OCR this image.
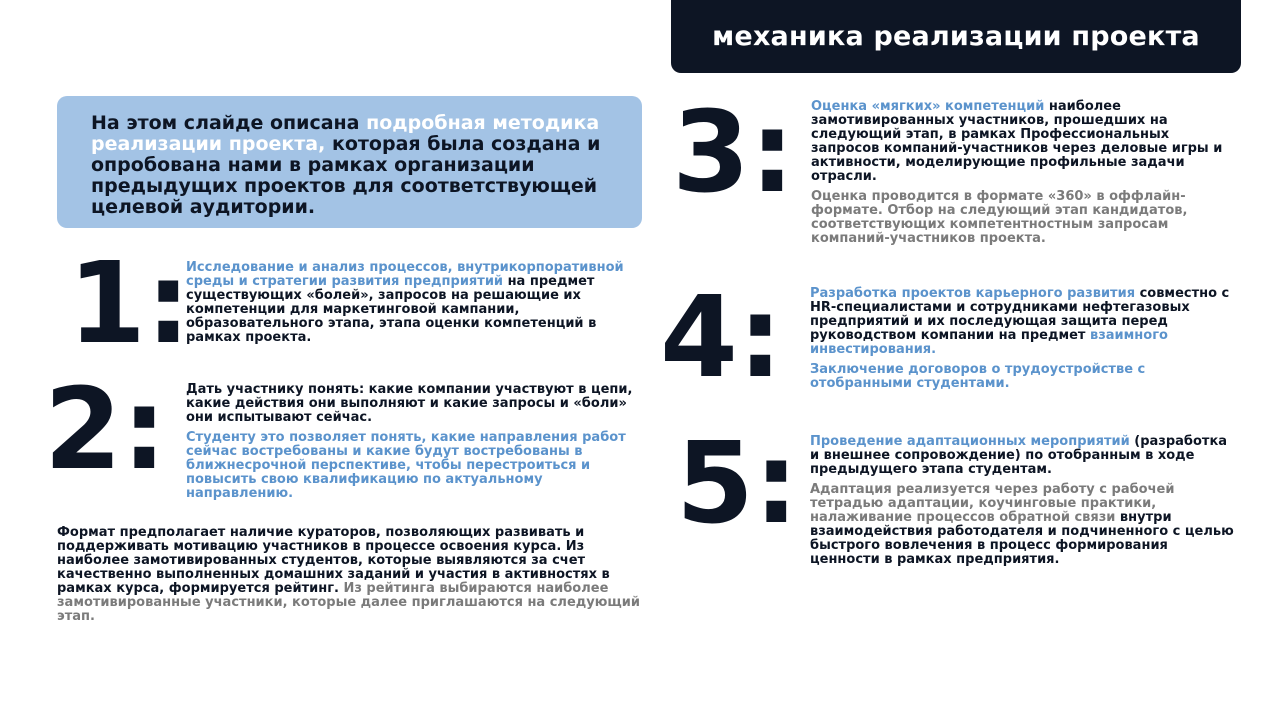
механика реализации проекта
На этом слайде описана подробная методика реализации проекта, которая была создана и опробована нами в рамках организации предыдущих проектов для соответствующей целевой аудитории.
1:

Исследование и анализ процессов, внутрикорпоративной среды и стратегии развития предприятий на предмет существующих «болей», запросов на решающие их компетенции для маркетинговой кампании, образовательного этапа, этапа оценки компетенций в рамках проекта.

2: Дать участнику понять: какие компании участвуют в цепи, какие действия они выполняют и какие запросы и «боли» они испытывают сейчас.

Студенту это позволяет понять, какие направления работ сейчас востребованы и какие будут востребованы в ближнесрочной перспективе, чтобы перестроиться и повысить свою квалификацию по актуальному направлению.

Формат предполагает наличие кураторов, позволяющих развивать и поддерживать мотивацию участников в процессе освоения курса. Из наиболее замотивированных студентов, которые выявляются за счет качественно выполненных домашних заданий и участия в активностях в рамках курса, формируется рейтинг. Из рейтинга выбираются наиболее замотивированные участники, которые далее приглашаются на следующий этап.

3: Оценка «мягких» компетенций наиболее замотивированных участников, прошедших на следующий этап, в рамках Профессиональных запросов компаний-участников через деловые игры и активности, моделирующие профильные задачи отрасли.

Оценка проводится в формате «360» в оффлайн-формате. Отбор на следующий этап кандидатов, соответствующих компетентностным запросам компаний-участников проекта.

4: Разработка проектов карьерного развития совместно с HR-специалистами и сотрудниками нефтегазовых предприятий и их последующая защита перед руководством компании на предмет взаимного инвестирования.

Заключение договоров о трудоустройстве с отобранными студентами.

5: Проведение адаптационных мероприятий (разработка и внешнее сопровождение) по отобранным в ходе предыдущего этапа студентам.

Адаптация реализуется через работу с рабочей тетрадью адаптации, коучинговые практики, налаживание процессов обратной связи внутри взаимодействия работодателя и подчиненного с целью быстрого вовлечения в процесс формирования ценности в рамках предприятия.
